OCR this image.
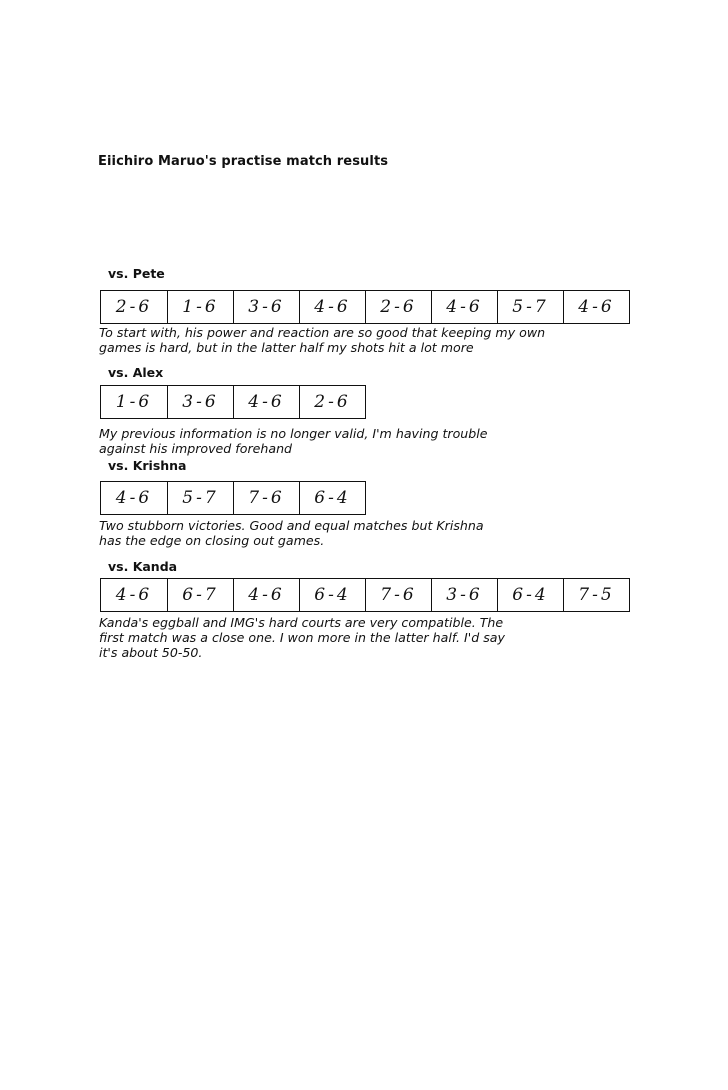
Eiichiro Maruo's practise match results
vs. Pete
2-6	1-6	3-6	4-6	2-6	4-6	5-7	4-6
To start with, his power and reaction are so good that keeping my own
games is hard, but in the latter half my shots hit a lot more
vs. Alex
1-6	3-6	4-6	2-6
My previous information is no longer valid, I'm having trouble
against his improved forehand
vs. Krishna
4-6	5-7	7-6	6-4
Two stubborn victories. Good and equal matches but Krishna
has the edge on closing out games.
vs. Kanda
4-6	6-7	4-6	6-4	7-6	3-6	6-4	7-5
Kanda's eggball and IMG's hard courts are very compatible. The
first match was a close one. I won more in the latter half. I'd say
it's about 50-50.
